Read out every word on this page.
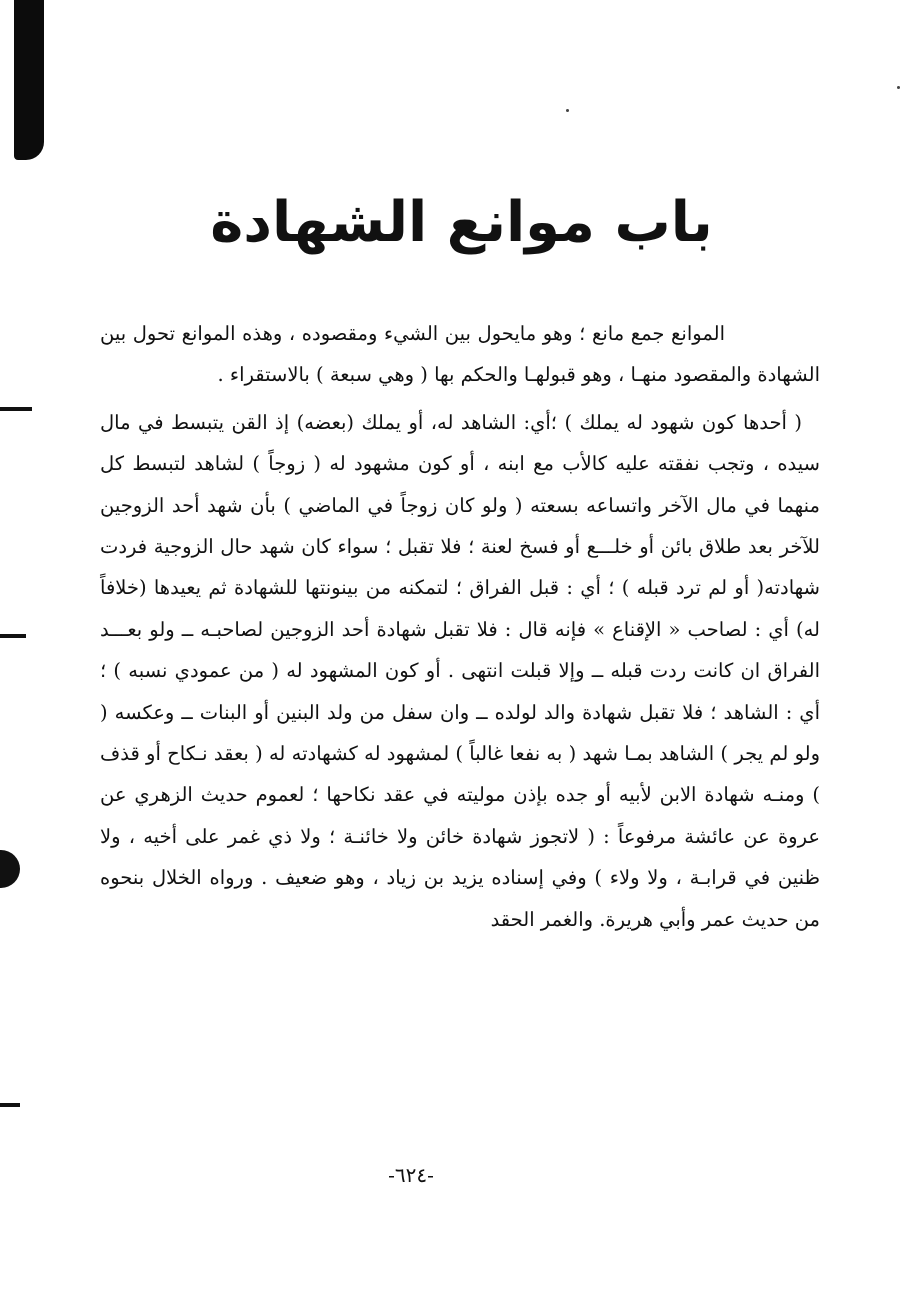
باب موانع الشهادة

الموانع جمع مانع ؛ وهو مايحول بين الشيء ومقصوده ، وهذه الموانع تحول بين الشهادة والمقصود منهـا ، وهو قبولهـا والحكم بها ( وهي سبعة ) بالاستقراء .

( أحدها كون شهود له يملك ) ؛أي: الشاهد له، أو يملك (بعضه) إذ القن يتبسط في مال سيده ، وتجب نفقته عليه كالأب مع ابنه ، أو كون مشهود له ( زوجاً ) لشاهد لتبسط كل منهما في مال الآخر واتساعه بسعته ( ولو كان زوجاً في الماضي ) بأن شهد أحد الزوجين للآخر بعد طلاق بائن أو خلـــع أو فسخ لعنة ؛ فلا تقبل ؛ سواء كان شهد حال الزوجية فردت شهادته( أو لم ترد قبله ) ؛ أي : قبل الفراق ؛ لتمكنه من بينونتها للشهادة ثم يعيدها (خلافاً له) أي : لصاحب « الإقناع » فإنه قال : فلا تقبل شهادة أحد الزوجين لصاحبـه ــ ولو بعـــد الفراق ان كانت ردت قبله ــ وإلا قبلت انتهى . أو كون المشهود له ( من عمودي نسبه ) ؛ أي : الشاهد ؛ فلا تقبل شهادة والد لولده ــ وان سفل من ولد البنين أو البنات ــ وعكسه ( ولو لم يجر ) الشاهد بمـا شهد ( به نفعا غالباً ) لمشهود له كشهادته له ( بعقد نـكاح أو قذف ) ومنـه شهادة الابن لأبيه أو جده بإذن موليته في عقد نكاحها ؛ لعموم حديث الزهري عن عروة عن عائشة مرفوعاً : ( لاتجوز شهادة خائن ولا خائنـة ؛ ولا ذي غمر على أخيه ، ولا ظنين في قرابـة ، ولا ولاء ) وفي إسناده يزيد بن زياد ، وهو ضعيف . ورواه الخلال بنحوه من حديث عمر وأبي هريرة. والغمر الحقد

-٦٢٤-
